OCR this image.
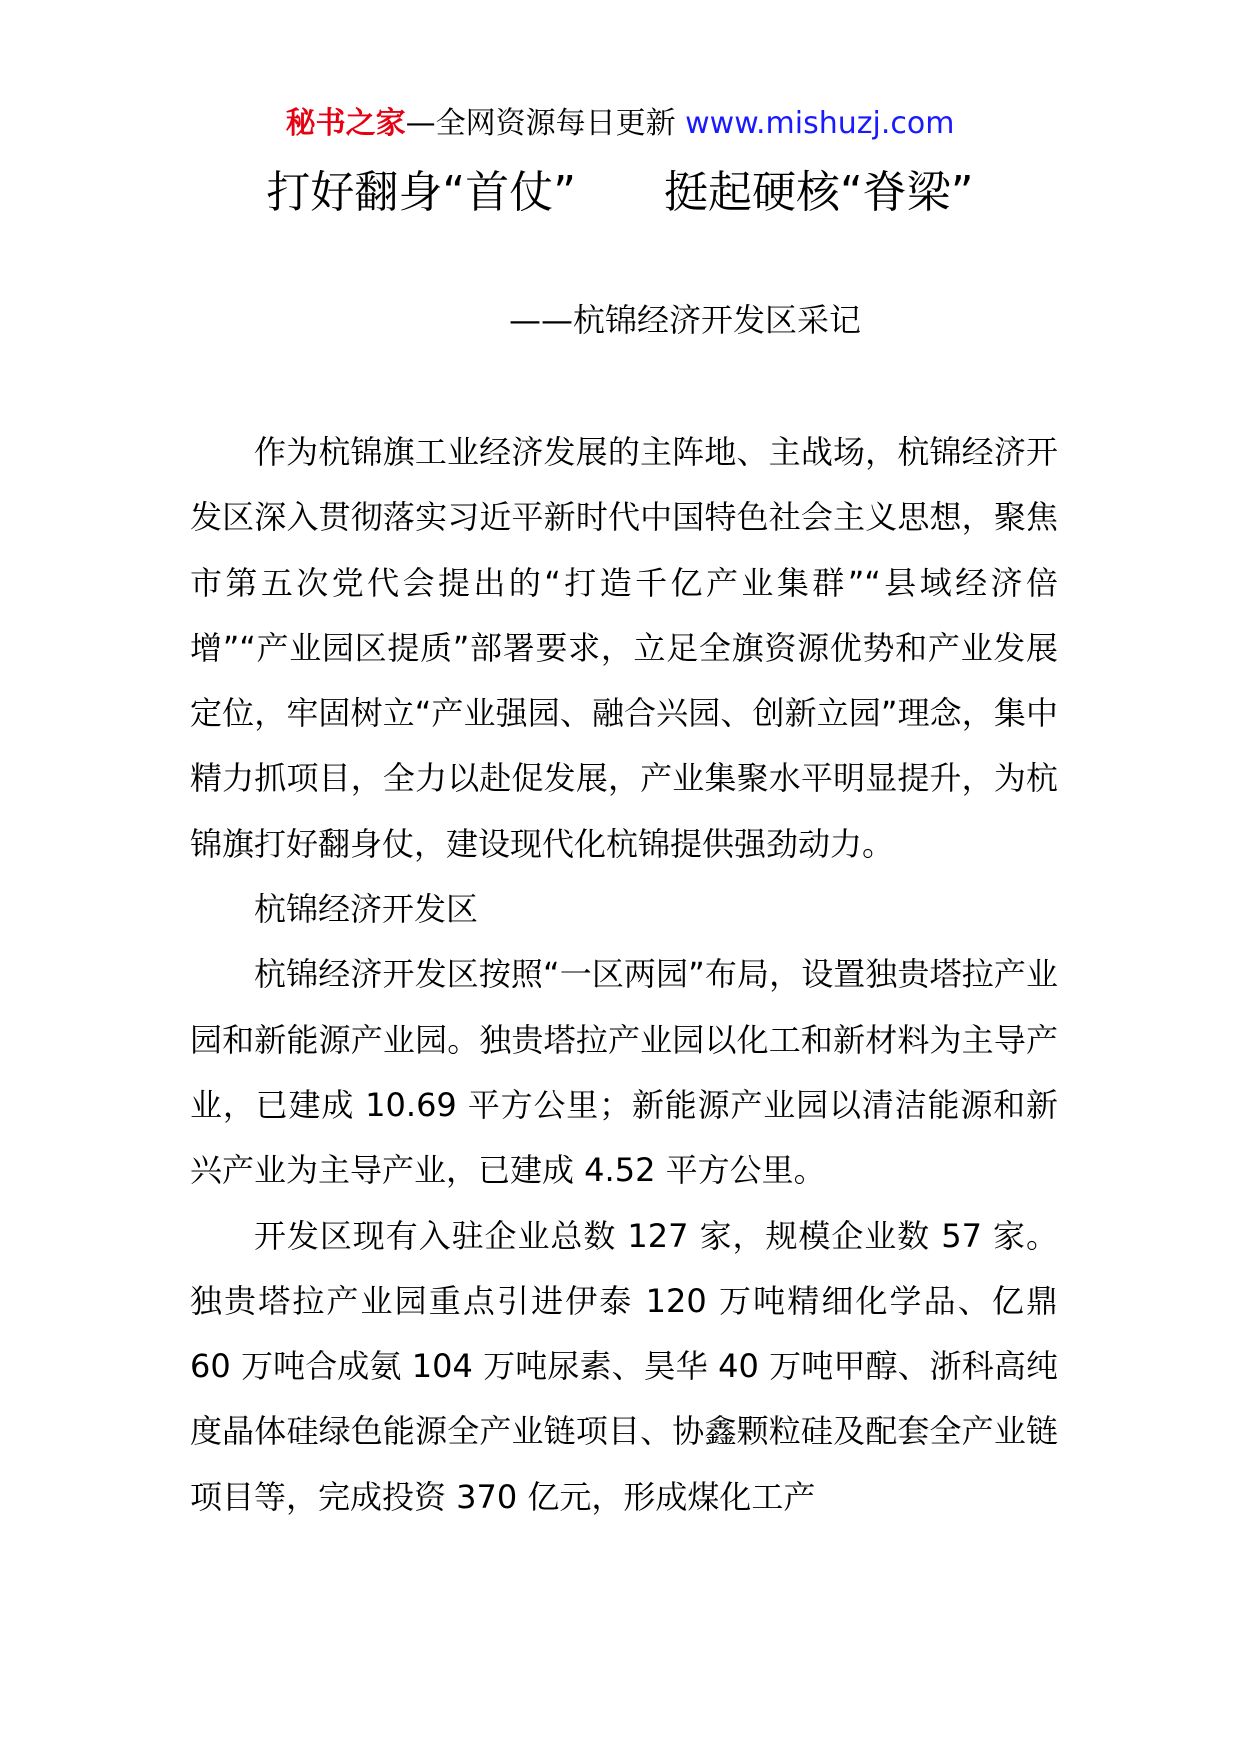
秘书之家—全网资源每日更新 www.mishuzj.com
打好翻身“首仗” 挺起硬核“脊梁”
——杭锦经济开发区采记

作为杭锦旗工业经济发展的主阵地、主战场，杭锦经济开发区深入贯彻落实习近平新时代中国特色社会主义思想，聚焦市第五次党代会提出的“打造千亿产业集群”“县域经济倍增”“产业园区提质”部署要求，立足全旗资源优势和产业发展定位，牢固树立“产业强园、融合兴园、创新立园”理念，集中精力抓项目，全力以赴促发展，产业集聚水平明显提升，为杭锦旗打好翻身仗，建设现代化杭锦提供强劲动力。

杭锦经济开发区

杭锦经济开发区按照“一区两园”布局，设置独贵塔拉产业园和新能源产业园。独贵塔拉产业园以化工和新材料为主导产业，已建成 10.69 平方公里；新能源产业园以清洁能源和新兴产业为主导产业，已建成 4.52 平方公里。

开发区现有入驻企业总数 127 家，规模企业数 57 家。独贵塔拉产业园重点引进伊泰 120 万吨精细化学品、亿鼎 60 万吨合成氨 104 万吨尿素、昊华 40 万吨甲醇、浙科高纯度晶体硅绿色能源全产业链项目、协鑫颗粒硅及配套全产业链项目等，完成投资 370 亿元，形成煤化工产
